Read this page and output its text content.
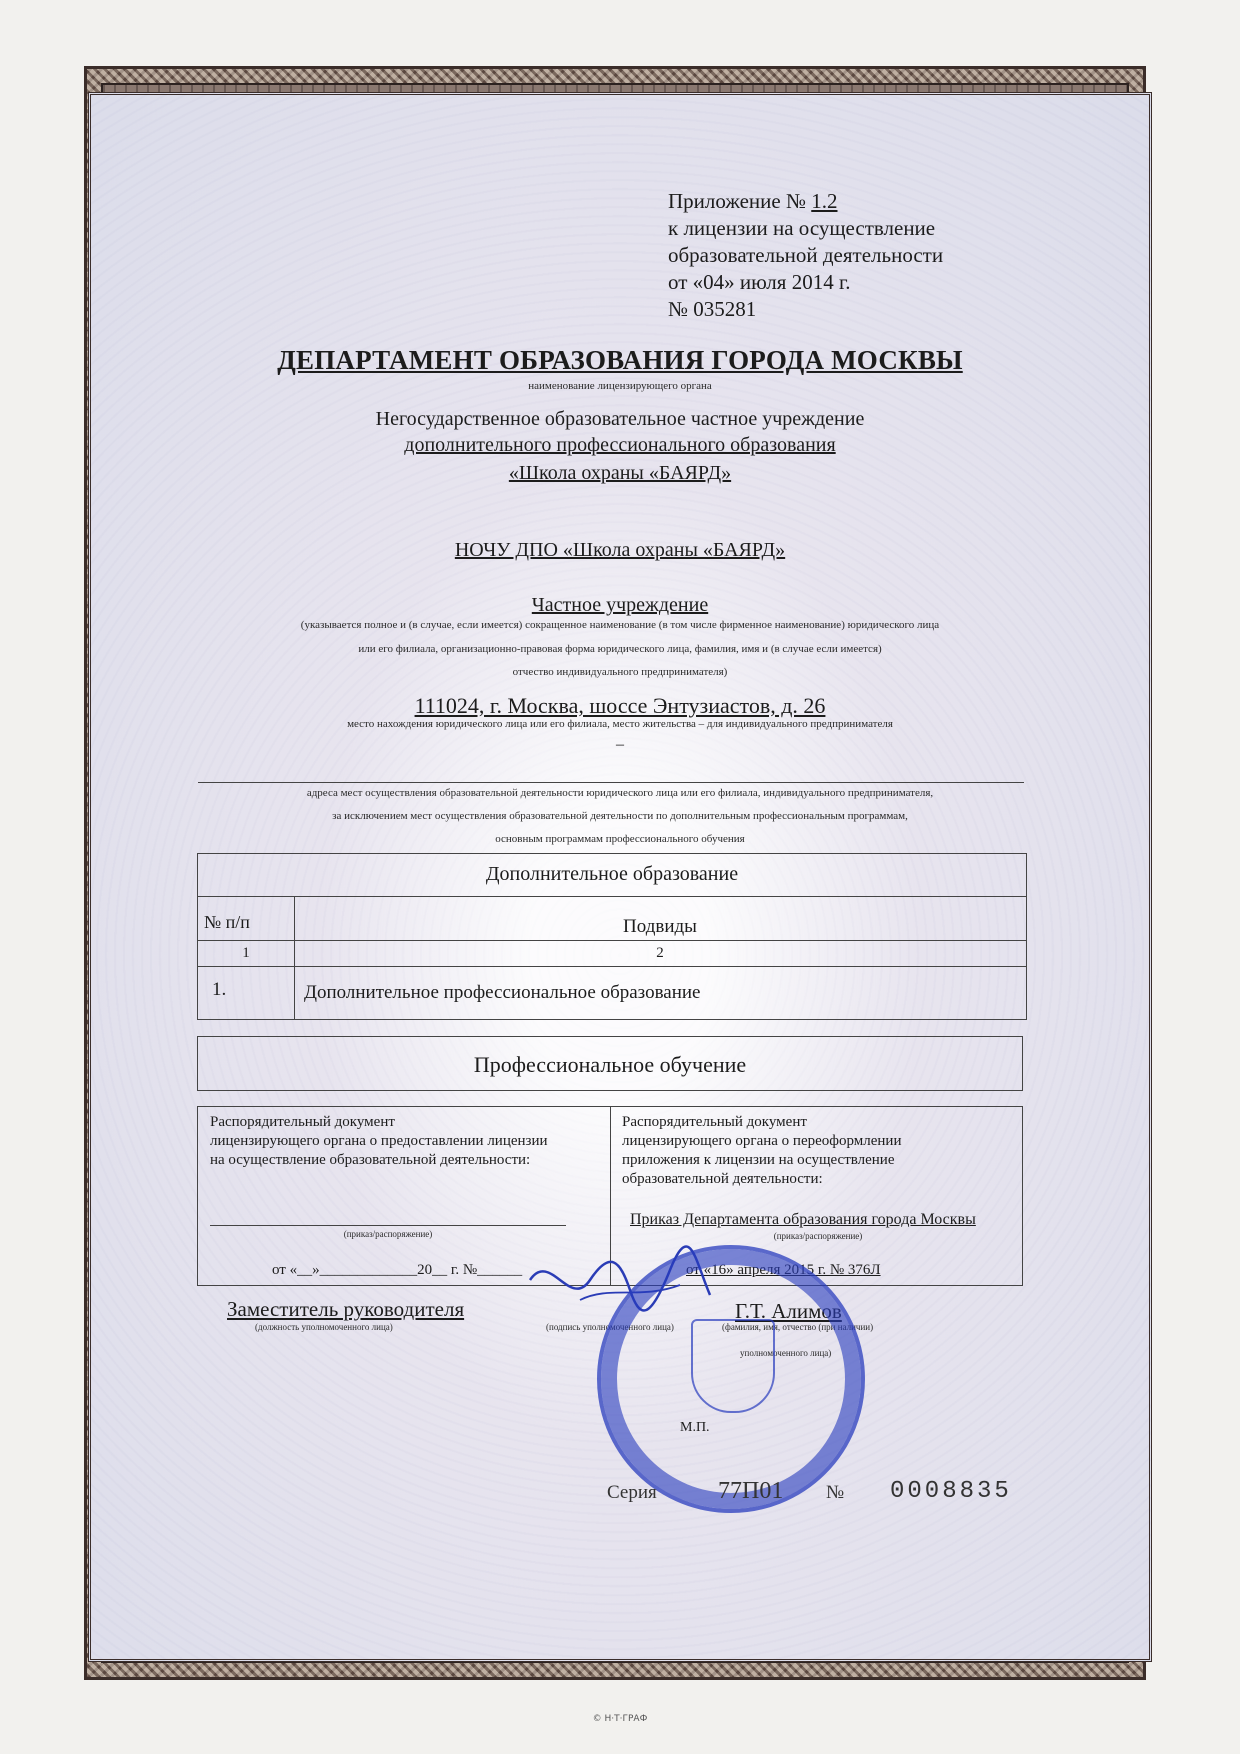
Приложение № 1.2
к лицензии на осуществление
образовательной деятельности
от «04» июля 2014 г.
№ 035281
ДЕПАРТАМЕНТ ОБРАЗОВАНИЯ ГОРОДА МОСКВЫ
наименование лицензирующего органа
Негосударственное образовательное частное учреждение
дополнительного профессионального образования
«Школа охраны «БАЯРД»
НОЧУ ДПО «Школа охраны «БАЯРД»
Частное учреждение
(указывается полное и (в случае, если имеется) сокращенное наименование (в том числе фирменное наименование) юридического лица
или его филиала, организационно-правовая форма юридического лица, фамилия, имя и (в случае если имеется)
отчество индивидуального предпринимателя)
111024, г. Москва, шоссе Энтузиастов, д. 26
место нахождения юридического лица или его филиала, место жительства – для индивидуального предпринимателя
–
адреса мест осуществления образовательной деятельности юридического лица или его филиала, индивидуального предпринимателя,
за исключением мест осуществления образовательной деятельности по дополнительным профессиональным программам,
основным программам профессионального обучения
Дополнительное образование
№ п/п	Подвиды
1	2
1.	Дополнительное профессиональное образование
Профессиональное обучение
Распорядительный документ
лицензирующего органа о предоставлении лицензии
на осуществление образовательной деятельности:
(приказ/распоряжение)
от «__»_____________20__ г. №______
Распорядительный документ
лицензирующего органа о переоформлении
приложения к лицензии на осуществление
образовательной деятельности:
Приказ Департамента образования города Москвы
(приказ/распоряжение)
от «16» апреля 2015 г. № 376Л
Заместитель руководителя
(должность уполномоченного лица)	(подпись уполномоченного лица)
Г.Т. Алимов
(фамилия, имя, отчество (при наличии)
уполномоченного лица)
М.П.
Серия	77П01 № 0008835
© Н·Т·ГРАФ
